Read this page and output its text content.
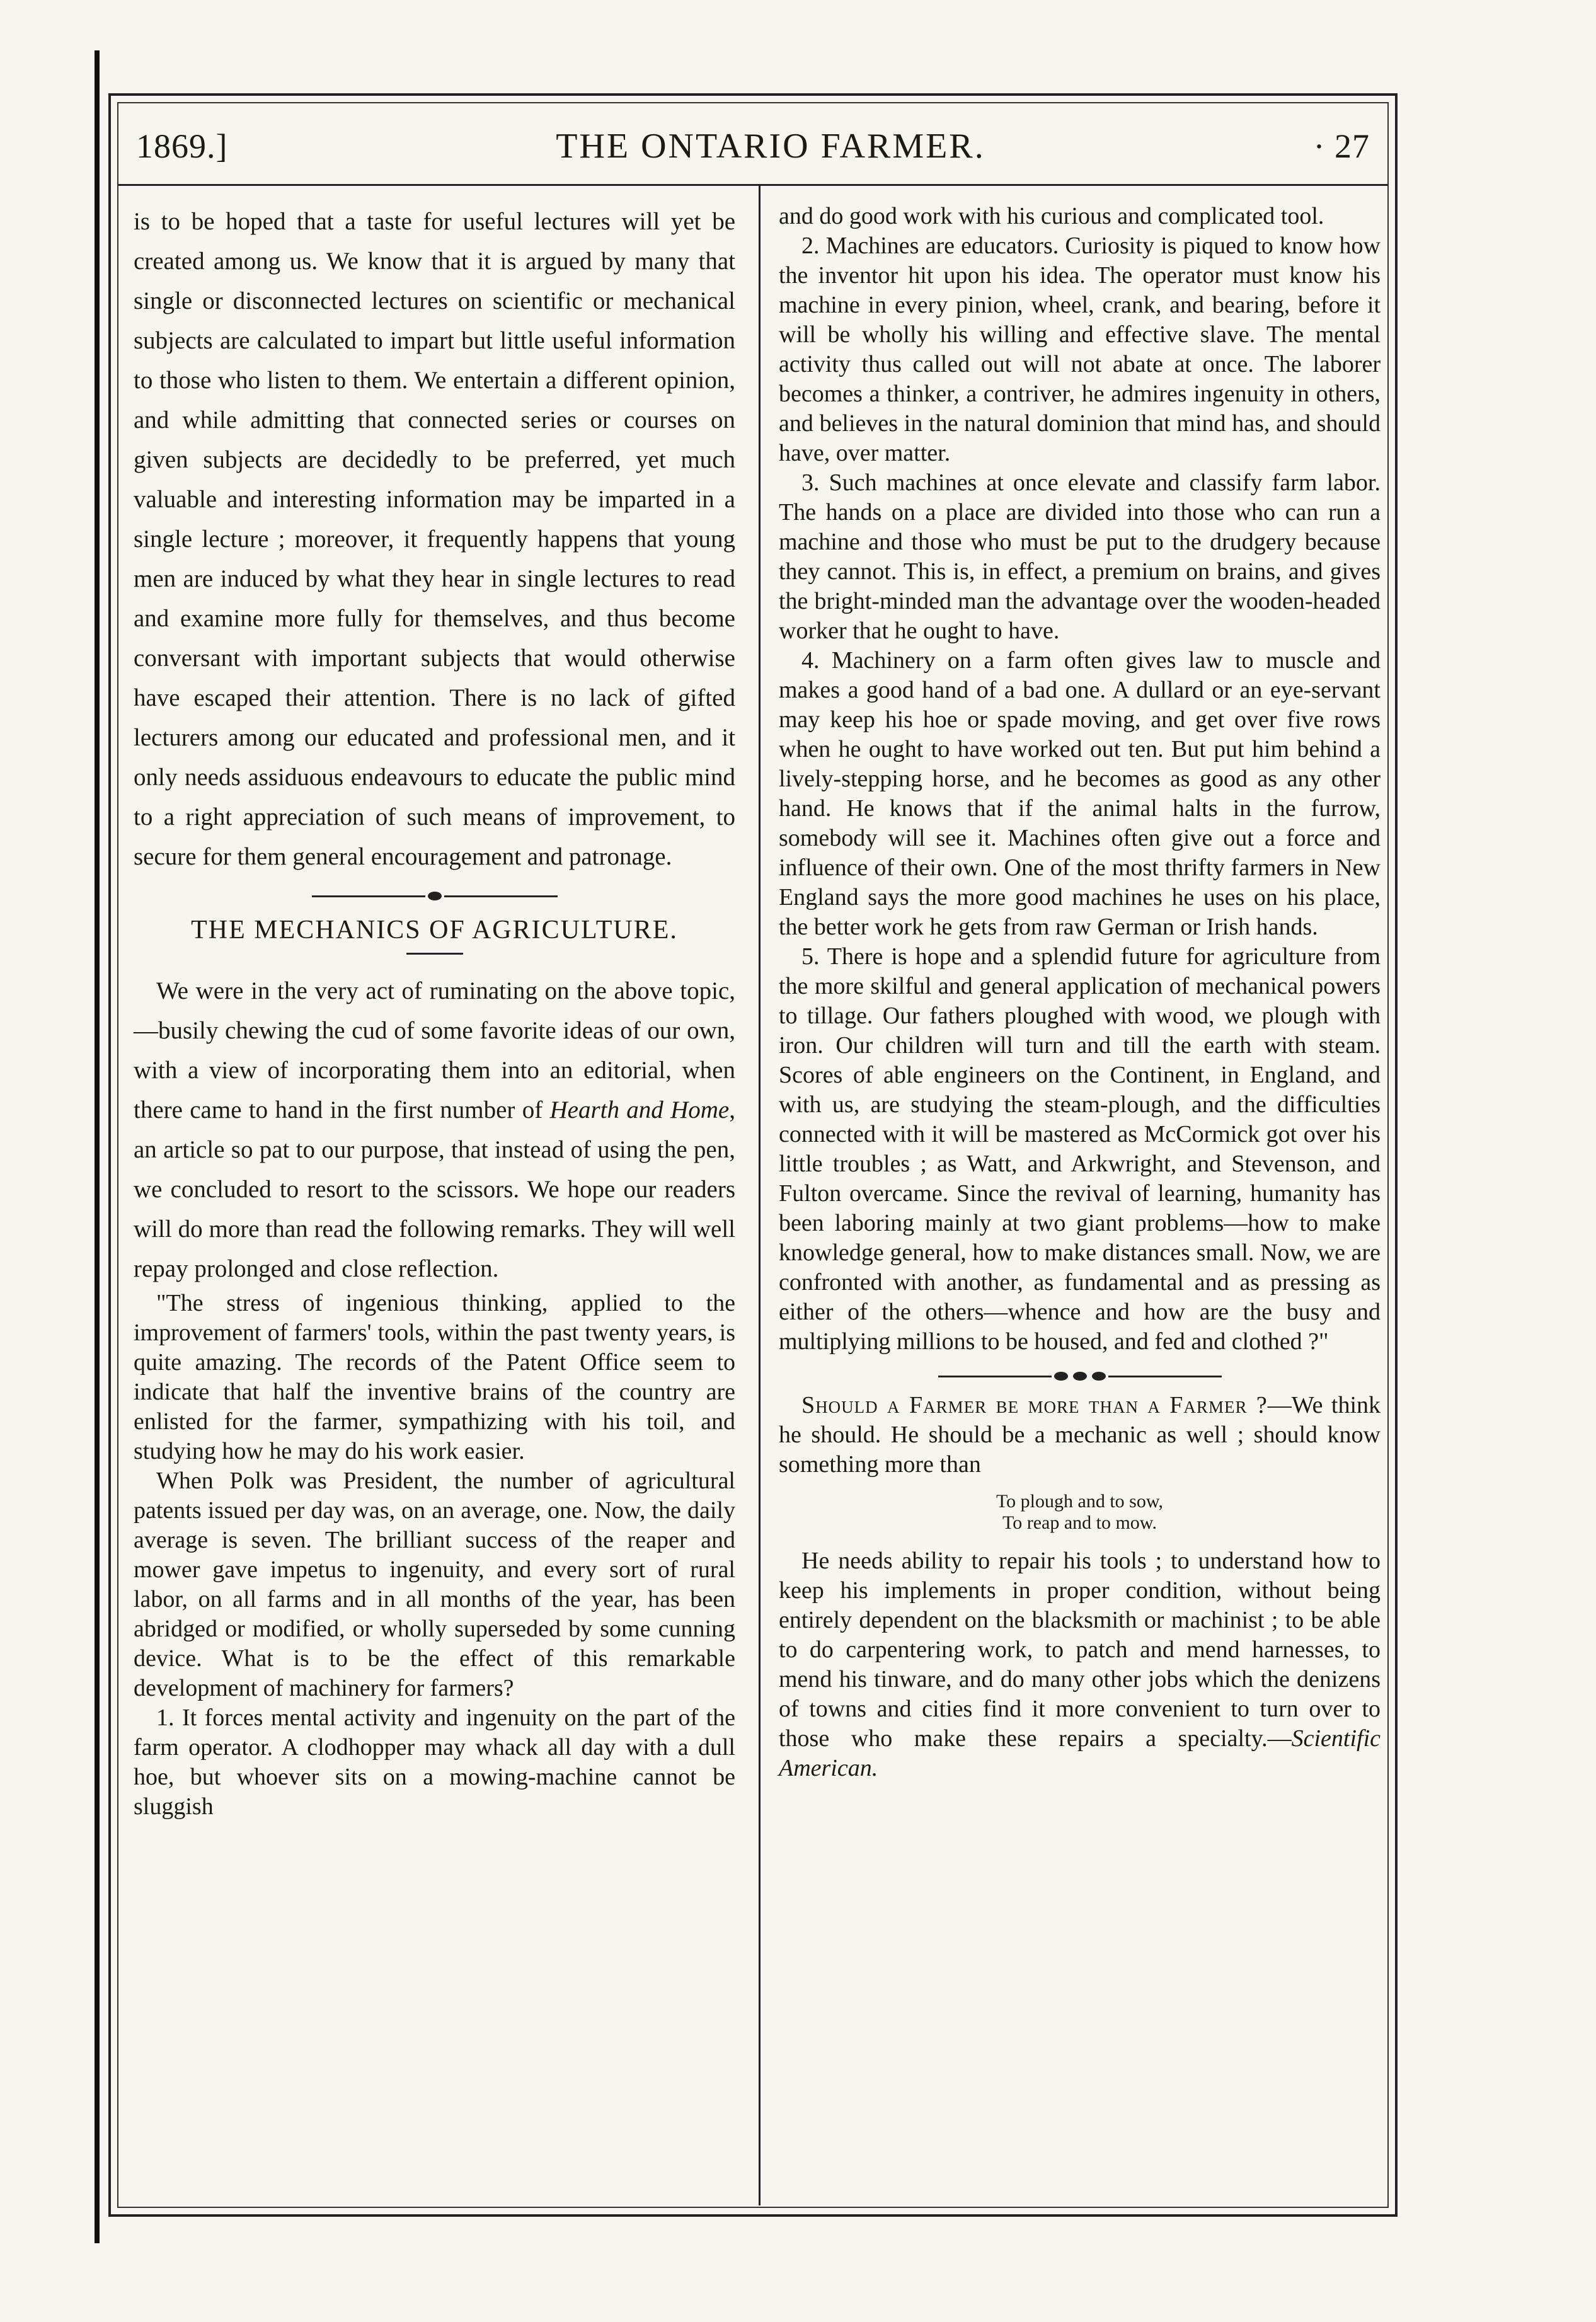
1869.]	THE ONTARIO FARMER.	· 27

is to be hoped that a taste for useful lectures will yet be created among us. We know that it is argued by many that single or disconnected lectures on scientific or mechanical subjects are calculated to impart but little useful information to those who listen to them. We entertain a different opinion, and while admitting that connected series or courses on given subjects are decidedly to be preferred, yet much valuable and interesting information may be imparted in a single lecture ; moreover, it frequently happens that young men are induced by what they hear in single lectures to read and examine more fully for themselves, and thus become conversant with important subjects that would otherwise have escaped their attention. There is no lack of gifted lecturers among our educated and professional men, and it only needs assiduous endeavours to educate the public mind to a right appreciation of such means of improvement, to secure for them general encouragement and patronage.

THE MECHANICS OF AGRICULTURE.

We were in the very act of ruminating on the above topic,—busily chewing the cud of some favorite ideas of our own, with a view of incorporating them into an editorial, when there came to hand in the first number of Hearth and Home, an article so pat to our purpose, that instead of using the pen, we concluded to resort to the scissors. We hope our readers will do more than read the following remarks. They will well repay prolonged and close reflection.

"The stress of ingenious thinking, applied to the improvement of farmers' tools, within the past twenty years, is quite amazing. The records of the Patent Office seem to indicate that half the inventive brains of the country are enlisted for the farmer, sympathizing with his toil, and studying how he may do his work easier.

When Polk was President, the number of agricultural patents issued per day was, on an average, one. Now, the daily average is seven. The brilliant success of the reaper and mower gave impetus to ingenuity, and every sort of rural labor, on all farms and in all months of the year, has been abridged or modified, or wholly superseded by some cunning device. What is to be the effect of this remarkable development of machinery for farmers?

1. It forces mental activity and ingenuity on the part of the farm operator. A clodhopper may whack all day with a dull hoe, but whoever sits on a mowing-machine cannot be sluggish

and do good work with his curious and complicated tool.

2. Machines are educators. Curiosity is piqued to know how the inventor hit upon his idea. The operator must know his machine in every pinion, wheel, crank, and bearing, before it will be wholly his willing and effective slave. The mental activity thus called out will not abate at once. The laborer becomes a thinker, a contriver, he admires ingenuity in others, and believes in the natural dominion that mind has, and should have, over matter.

3. Such machines at once elevate and classify farm labor. The hands on a place are divided into those who can run a machine and those who must be put to the drudgery because they cannot. This is, in effect, a premium on brains, and gives the bright-minded man the advantage over the wooden-headed worker that he ought to have.

4. Machinery on a farm often gives law to muscle and makes a good hand of a bad one. A dullard or an eye-servant may keep his hoe or spade moving, and get over five rows when he ought to have worked out ten. But put him behind a lively-stepping horse, and he becomes as good as any other hand. He knows that if the animal halts in the furrow, somebody will see it. Machines often give out a force and influence of their own. One of the most thrifty farmers in New England says the more good machines he uses on his place, the better work he gets from raw German or Irish hands.

5. There is hope and a splendid future for agriculture from the more skilful and general application of mechanical powers to tillage. Our fathers ploughed with wood, we plough with iron. Our children will turn and till the earth with steam. Scores of able engineers on the Continent, in England, and with us, are studying the steam-plough, and the difficulties connected with it will be mastered as McCormick got over his little troubles ; as Watt, and Arkwright, and Stevenson, and Fulton overcame. Since the revival of learning, humanity has been laboring mainly at two giant problems—how to make knowledge general, how to make distances small. Now, we are confronted with another, as fundamental and as pressing as either of the others—whence and how are the busy and multiplying millions to be housed, and fed and clothed ?"

Should a Farmer be more than a Farmer ?—We think he should. He should be a mechanic as well ; should know something more than

To plough and to sow,
To reap and to mow.

He needs ability to repair his tools ; to understand how to keep his implements in proper condition, without being entirely dependent on the blacksmith or machinist ; to be able to do carpentering work, to patch and mend harnesses, to mend his tinware, and do many other jobs which the denizens of towns and cities find it more convenient to turn over to those who make these repairs a specialty.—Scientific American.
